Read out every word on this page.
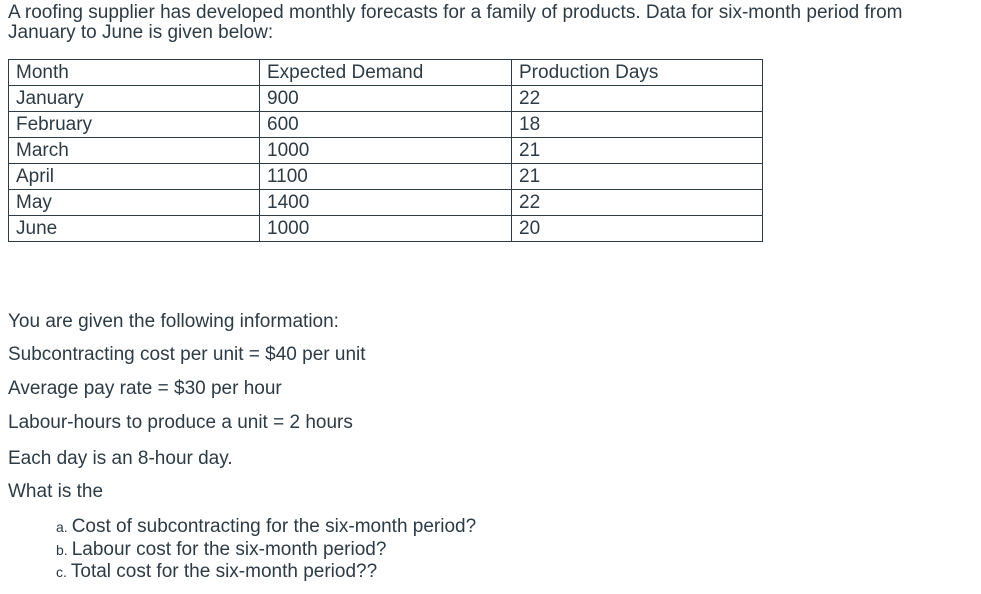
A roofing supplier has developed monthly forecasts for a family of products. Data for six-month period from January to June is given below:

Month	Expected Demand	Production Days
January	900	22
February	600	18
March	1000	21
April	1100	21
May	1400	22
June	1000	20

You are given the following information:

Subcontracting cost per unit = $40 per unit

Average pay rate = $30 per hour

Labour-hours to produce a unit = 2 hours

Each day is an 8-hour day.

What is the

a. Cost of subcontracting for the six-month period?
b. Labour cost for the six-month period?
c. Total cost for the six-month period??
